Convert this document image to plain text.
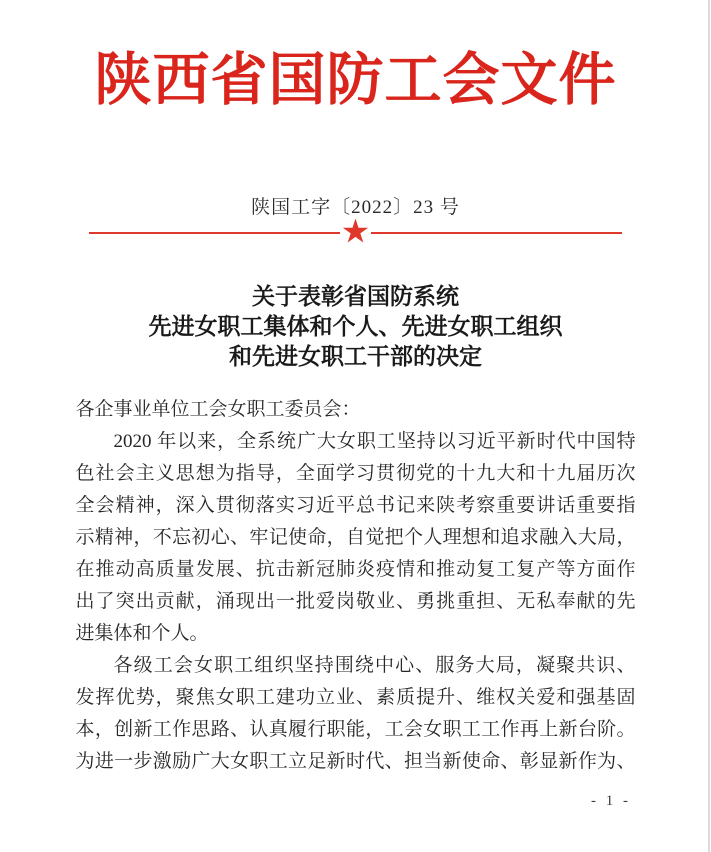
陕西省国防工会文件
陕国工字〔2022〕23 号
★
关于表彰省国防系统
先进女职工集体和个人、先进女职工组织
和先进女职工干部的决定
各企事业单位工会女职工委员会：
2020 年以来，全系统广大女职工坚持以习近平新时代中国特
色社会主义思想为指导，全面学习贯彻党的十九大和十九届历次
全会精神，深入贯彻落实习近平总书记来陕考察重要讲话重要指
示精神，不忘初心、牢记使命，自觉把个人理想和追求融入大局，
在推动高质量发展、抗击新冠肺炎疫情和推动复工复产等方面作
出了突出贡献，涌现出一批爱岗敬业、勇挑重担、无私奉献的先
进集体和个人。
各级工会女职工组织坚持围绕中心、服务大局，凝聚共识、
发挥优势，聚焦女职工建功立业、素质提升、维权关爱和强基固
本，创新工作思路、认真履行职能，工会女职工工作再上新台阶。
为进一步激励广大女职工立足新时代、担当新使命、彰显新作为、
- 1 -
